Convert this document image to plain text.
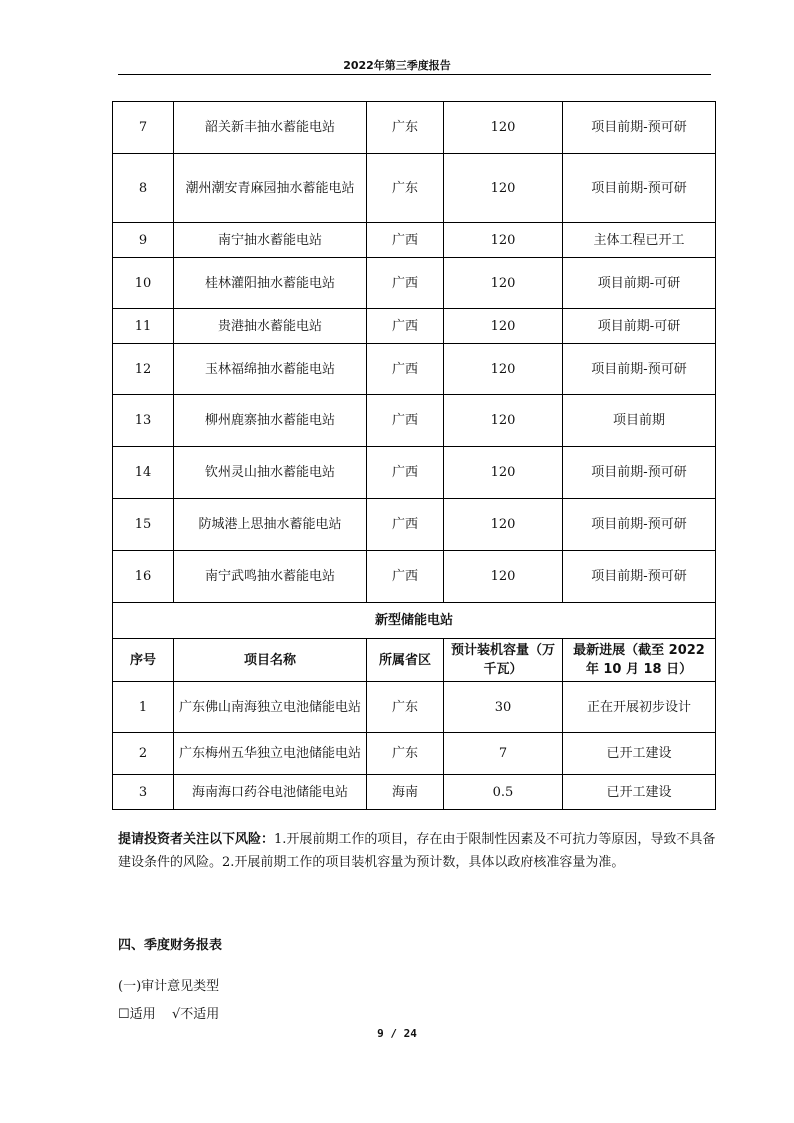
2022年第三季度报告
7	韶关新丰抽水蓄能电站	广东	120	项目前期-预可研
8	潮州潮安青麻园抽水蓄能电站	广东	120	项目前期-预可研
9	南宁抽水蓄能电站	广西	120	主体工程已开工
10	桂林灌阳抽水蓄能电站	广西	120	项目前期-可研
11	贵港抽水蓄能电站	广西	120	项目前期-可研
12	玉林福绵抽水蓄能电站	广西	120	项目前期-预可研
13	柳州鹿寨抽水蓄能电站	广西	120	项目前期
14	钦州灵山抽水蓄能电站	广西	120	项目前期-预可研
15	防城港上思抽水蓄能电站	广西	120	项目前期-预可研
16	南宁武鸣抽水蓄能电站	广西	120	项目前期-预可研
新型储能电站				
序号	项目名称	所属省区	预计装机容量（万千瓦）	最新进展（截至 2022 年 10 月 18 日）
1	广东佛山南海独立电池储能电站	广东	30	正在开展初步设计
2	广东梅州五华独立电池储能电站	广东	7	已开工建设
3	海南海口药谷电池储能电站	海南	0.5	已开工建设
提请投资者关注以下风险：1.开展前期工作的项目，存在由于限制性因素及不可抗力等原因，导致不具备建设条件的风险。2.开展前期工作的项目装机容量为预计数，具体以政府核准容量为准。
四、季度财务报表
(一)审计意见类型
☐适用 √不适用
9 / 24
